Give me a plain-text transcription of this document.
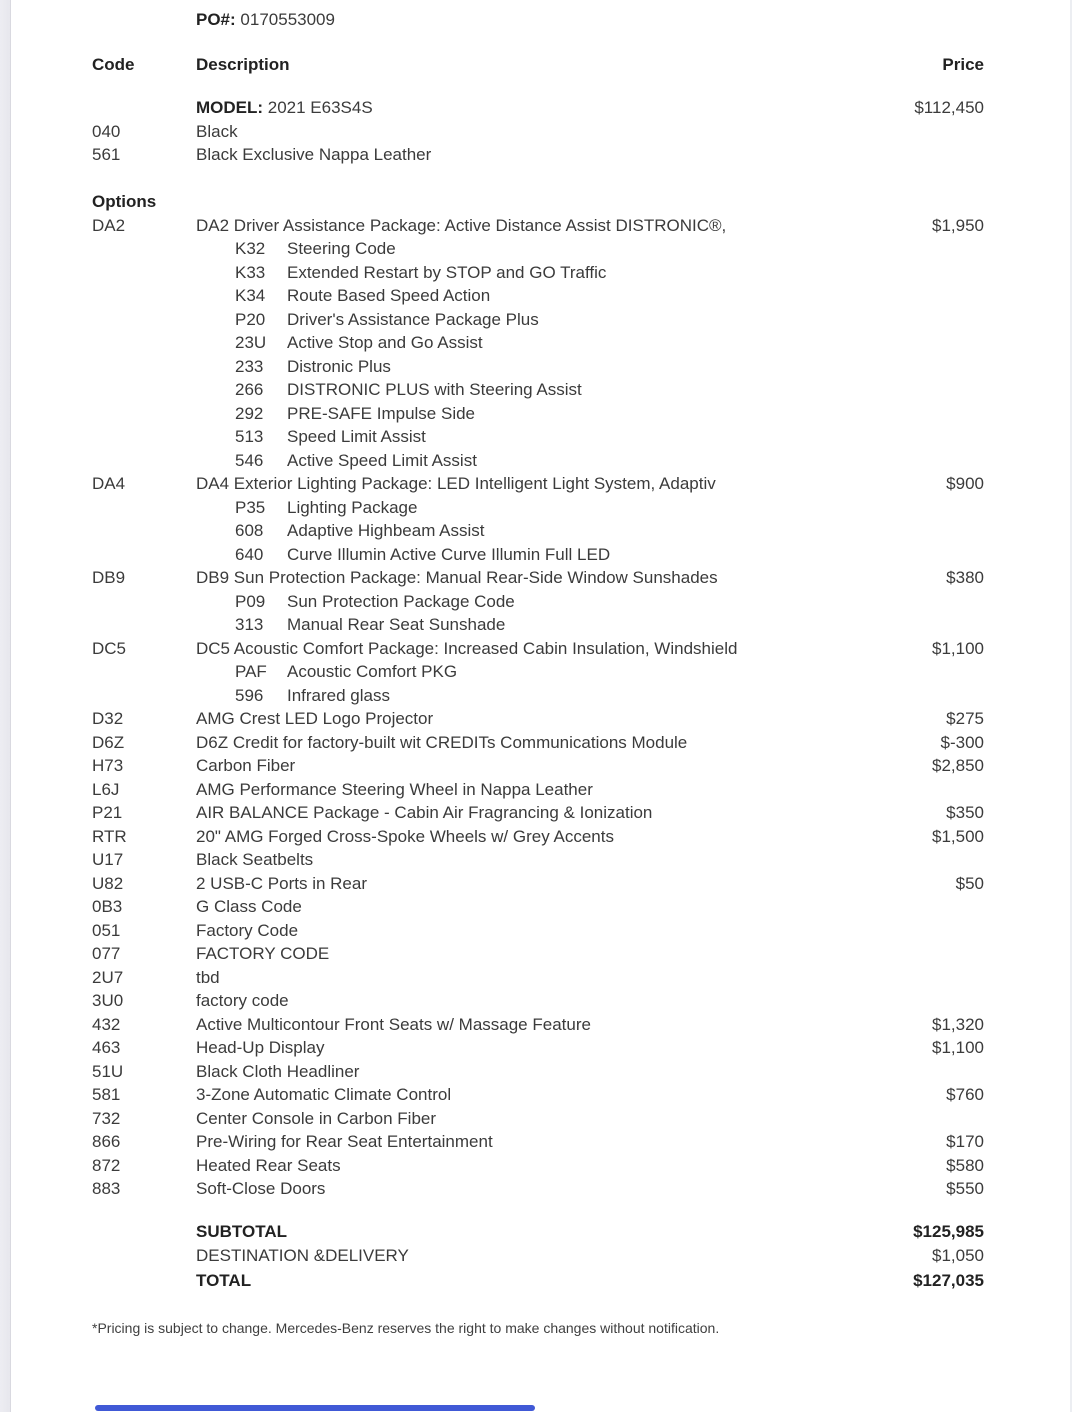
PO#: 0170553009
Code	Description	Price
MODEL: 2021 E63S4S	$112,450
040	Black
561	Black Exclusive Nappa Leather
Options
DA2	DA2 Driver Assistance Package: Active Distance Assist DISTRONIC®,	$1,950
K32 Steering Code
K33 Extended Restart by STOP and GO Traffic
K34 Route Based Speed Action
P20 Driver's Assistance Package Plus
23U Active Stop and Go Assist
233 Distronic Plus
266 DISTRONIC PLUS with Steering Assist
292 PRE-SAFE Impulse Side
513 Speed Limit Assist
546 Active Speed Limit Assist
DA4	DA4 Exterior Lighting Package: LED Intelligent Light System, Adaptiv	$900
P35 Lighting Package
608 Adaptive Highbeam Assist
640 Curve Illumin Active Curve Illumin Full LED
DB9	DB9 Sun Protection Package: Manual Rear-Side Window Sunshades	$380
P09 Sun Protection Package Code
313 Manual Rear Seat Sunshade
DC5	DC5 Acoustic Comfort Package: Increased Cabin Insulation, Windshield	$1,100
PAF Acoustic Comfort PKG
596 Infrared glass
D32	AMG Crest LED Logo Projector	$275
D6Z	D6Z Credit for factory-built wit CREDITs Communications Module	$-300
H73	Carbon Fiber	$2,850
L6J	AMG Performance Steering Wheel in Nappa Leather
P21	AIR BALANCE Package - Cabin Air Fragrancing & Ionization	$350
RTR	20" AMG Forged Cross-Spoke Wheels w/ Grey Accents	$1,500
U17	Black Seatbelts
U82	2 USB-C Ports in Rear	$50
0B3	G Class Code
051	Factory Code
077	FACTORY CODE
2U7	tbd
3U0	factory code
432	Active Multicontour Front Seats w/ Massage Feature	$1,320
463	Head-Up Display	$1,100
51U	Black Cloth Headliner
581	3-Zone Automatic Climate Control	$760
732	Center Console in Carbon Fiber
866	Pre-Wiring for Rear Seat Entertainment	$170
872	Heated Rear Seats	$580
883	Soft-Close Doors	$550
SUBTOTAL	$125,985
DESTINATION &DELIVERY	$1,050
TOTAL	$127,035
*Pricing is subject to change. Mercedes-Benz reserves the right to make changes without notification.
